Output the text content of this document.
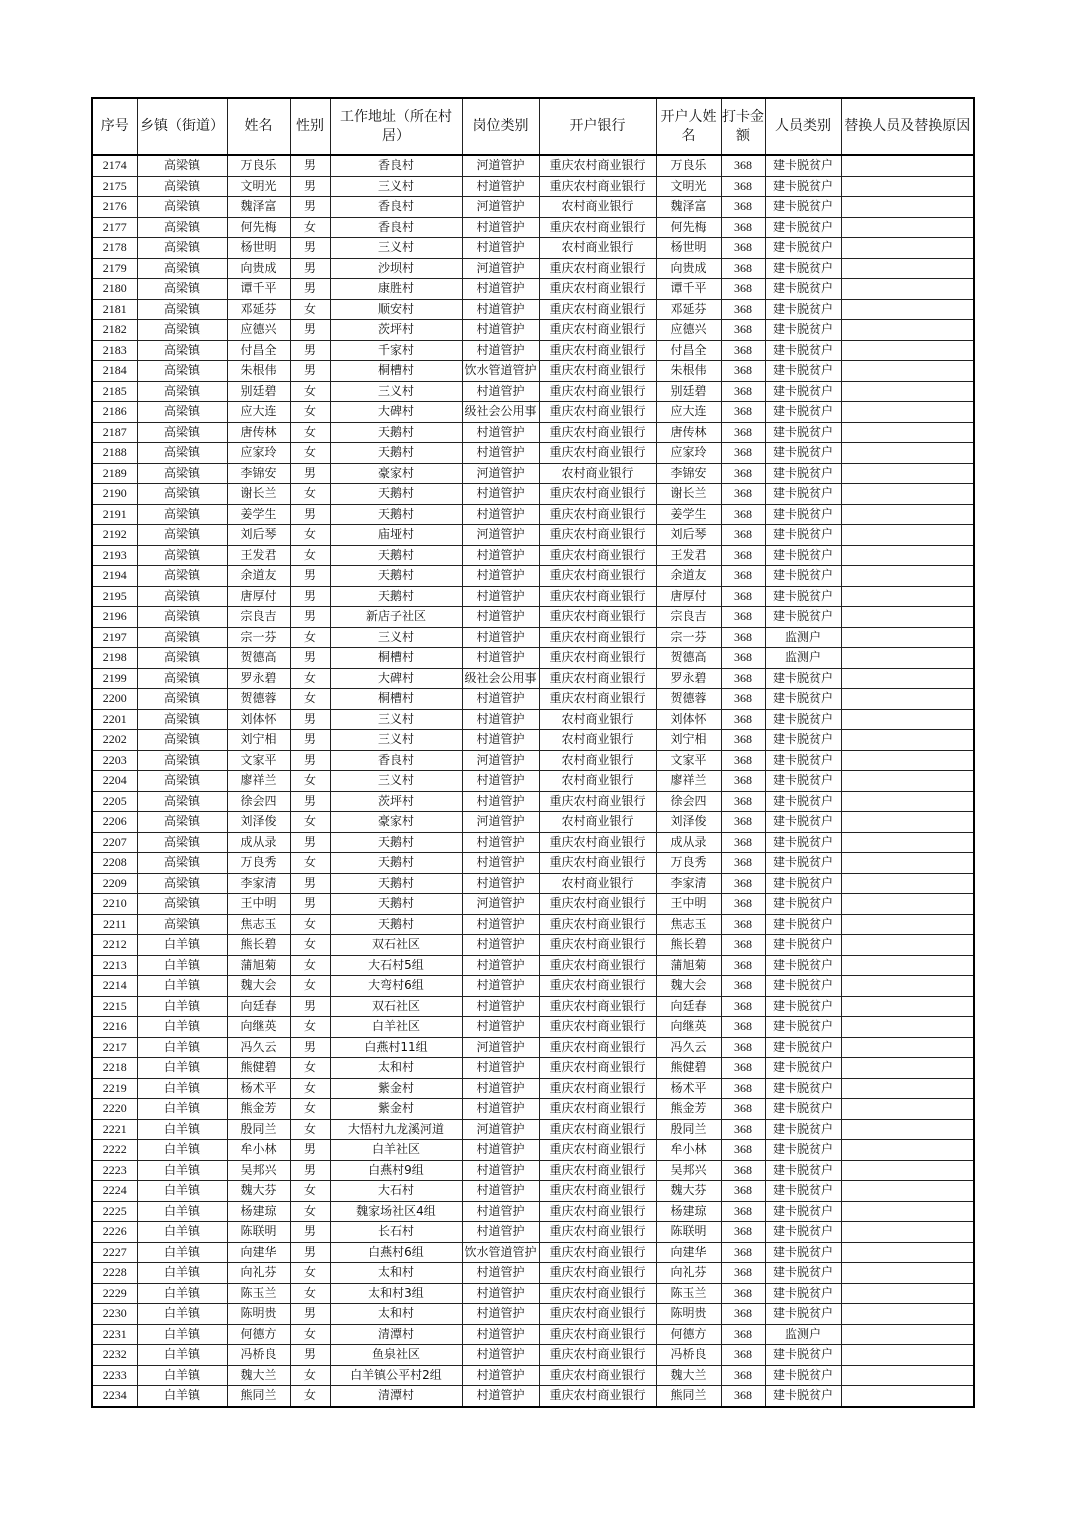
序号	乡镇（街道）	姓名	性别	工作地址（所在村居）	岗位类别	开户银行	开户人姓名	打卡金额	人员类别	替换人员及替换原因
2174	高梁镇	万良乐	男	香良村	河道管护	重庆农村商业银行	万良乐	368	建卡脱贫户	
2175	高梁镇	文明光	男	三义村	村道管护	重庆农村商业银行	文明光	368	建卡脱贫户	
2176	高梁镇	魏泽富	男	香良村	河道管护	农村商业银行	魏泽富	368	建卡脱贫户	
2177	高梁镇	何先梅	女	香良村	村道管护	重庆农村商业银行	何先梅	368	建卡脱贫户	
2178	高梁镇	杨世明	男	三义村	村道管护	农村商业银行	杨世明	368	建卡脱贫户	
2179	高梁镇	向贵成	男	沙坝村	河道管护	重庆农村商业银行	向贵成	368	建卡脱贫户	
2180	高梁镇	谭千平	男	康胜村	村道管护	重庆农村商业银行	谭千平	368	建卡脱贫户	
2181	高梁镇	邓延芬	女	顺安村	村道管护	重庆农村商业银行	邓延芬	368	建卡脱贫户	
2182	高梁镇	应德兴	男	茨坪村	村道管护	重庆农村商业银行	应德兴	368	建卡脱贫户	
2183	高梁镇	付昌全	男	千家村	村道管护	重庆农村商业银行	付昌全	368	建卡脱贫户	
2184	高梁镇	朱根伟	男	桐槽村	饮水管道管护	重庆农村商业银行	朱根伟	368	建卡脱贫户	
2185	高梁镇	别廷碧	女	三义村	村道管护	重庆农村商业银行	别廷碧	368	建卡脱贫户	
2186	高梁镇	应大连	女	大碑村	级社会公用事	重庆农村商业银行	应大连	368	建卡脱贫户	
2187	高梁镇	唐传林	女	天鹅村	村道管护	重庆农村商业银行	唐传林	368	建卡脱贫户	
2188	高梁镇	应家玲	女	天鹅村	村道管护	重庆农村商业银行	应家玲	368	建卡脱贫户	
2189	高梁镇	李锦安	男	豪家村	河道管护	农村商业银行	李锦安	368	建卡脱贫户	
2190	高梁镇	谢长兰	女	天鹅村	村道管护	重庆农村商业银行	谢长兰	368	建卡脱贫户	
2191	高梁镇	姜学生	男	天鹅村	村道管护	重庆农村商业银行	姜学生	368	建卡脱贫户	
2192	高梁镇	刘后琴	女	庙垭村	河道管护	重庆农村商业银行	刘后琴	368	建卡脱贫户	
2193	高梁镇	王发君	女	天鹅村	村道管护	重庆农村商业银行	王发君	368	建卡脱贫户	
2194	高梁镇	余道友	男	天鹅村	村道管护	重庆农村商业银行	余道友	368	建卡脱贫户	
2195	高梁镇	唐厚付	男	天鹅村	村道管护	重庆农村商业银行	唐厚付	368	建卡脱贫户	
2196	高梁镇	宗良吉	男	新店子社区	村道管护	重庆农村商业银行	宗良吉	368	建卡脱贫户	
2197	高梁镇	宗一芬	女	三义村	村道管护	重庆农村商业银行	宗一芬	368	监测户	
2198	高梁镇	贺德高	男	桐槽村	村道管护	重庆农村商业银行	贺德高	368	监测户	
2199	高梁镇	罗永碧	女	大碑村	级社会公用事	重庆农村商业银行	罗永碧	368	建卡脱贫户	
2200	高梁镇	贺德蓉	女	桐槽村	村道管护	重庆农村商业银行	贺德蓉	368	建卡脱贫户	
2201	高梁镇	刘体怀	男	三义村	村道管护	农村商业银行	刘体怀	368	建卡脱贫户	
2202	高梁镇	刘宁相	男	三义村	村道管护	农村商业银行	刘宁相	368	建卡脱贫户	
2203	高梁镇	文家平	男	香良村	河道管护	农村商业银行	文家平	368	建卡脱贫户	
2204	高梁镇	廖祥兰	女	三义村	村道管护	农村商业银行	廖祥兰	368	建卡脱贫户	
2205	高梁镇	徐会四	男	茨坪村	村道管护	重庆农村商业银行	徐会四	368	建卡脱贫户	
2206	高梁镇	刘泽俊	女	豪家村	河道管护	农村商业银行	刘泽俊	368	建卡脱贫户	
2207	高梁镇	成从录	男	天鹅村	村道管护	重庆农村商业银行	成从录	368	建卡脱贫户	
2208	高梁镇	万良秀	女	天鹅村	村道管护	重庆农村商业银行	万良秀	368	建卡脱贫户	
2209	高梁镇	李家清	男	天鹅村	村道管护	农村商业银行	李家清	368	建卡脱贫户	
2210	高梁镇	王中明	男	天鹅村	河道管护	重庆农村商业银行	王中明	368	建卡脱贫户	
2211	高梁镇	焦志玉	女	天鹅村	村道管护	重庆农村商业银行	焦志玉	368	建卡脱贫户	
2212	白羊镇	熊长碧	女	双石社区	村道管护	重庆农村商业银行	熊长碧	368	建卡脱贫户	
2213	白羊镇	蒲旭菊	女	大石村5组	村道管护	重庆农村商业银行	蒲旭菊	368	建卡脱贫户	
2214	白羊镇	魏大会	女	大弯村6组	村道管护	重庆农村商业银行	魏大会	368	建卡脱贫户	
2215	白羊镇	向廷春	男	双石社区	村道管护	重庆农村商业银行	向廷春	368	建卡脱贫户	
2216	白羊镇	向继英	女	白羊社区	村道管护	重庆农村商业银行	向继英	368	建卡脱贫户	
2217	白羊镇	冯久云	男	白燕村11组	河道管护	重庆农村商业银行	冯久云	368	建卡脱贫户	
2218	白羊镇	熊健碧	女	太和村	村道管护	重庆农村商业银行	熊健碧	368	建卡脱贫户	
2219	白羊镇	杨术平	女	紫金村	村道管护	重庆农村商业银行	杨术平	368	建卡脱贫户	
2220	白羊镇	熊金芳	女	紫金村	村道管护	重庆农村商业银行	熊金芳	368	建卡脱贫户	
2221	白羊镇	殷同兰	女	大悟村九龙溪河道	河道管护	重庆农村商业银行	殷同兰	368	建卡脱贫户	
2222	白羊镇	牟小林	男	白羊社区	村道管护	重庆农村商业银行	牟小林	368	建卡脱贫户	
2223	白羊镇	吴邦兴	男	白燕村9组	村道管护	重庆农村商业银行	吴邦兴	368	建卡脱贫户	
2224	白羊镇	魏大芬	女	大石村	村道管护	重庆农村商业银行	魏大芬	368	建卡脱贫户	
2225	白羊镇	杨建琼	女	魏家场社区4组	村道管护	重庆农村商业银行	杨建琼	368	建卡脱贫户	
2226	白羊镇	陈联明	男	长石村	村道管护	重庆农村商业银行	陈联明	368	建卡脱贫户	
2227	白羊镇	向建华	男	白燕村6组	饮水管道管护	重庆农村商业银行	向建华	368	建卡脱贫户	
2228	白羊镇	向礼芬	女	太和村	村道管护	重庆农村商业银行	向礼芬	368	建卡脱贫户	
2229	白羊镇	陈玉兰	女	太和村3组	村道管护	重庆农村商业银行	陈玉兰	368	建卡脱贫户	
2230	白羊镇	陈明贵	男	太和村	村道管护	重庆农村商业银行	陈明贵	368	建卡脱贫户	
2231	白羊镇	何德方	女	清潭村	村道管护	重庆农村商业银行	何德方	368	监测户	
2232	白羊镇	冯桥良	男	鱼泉社区	村道管护	重庆农村商业银行	冯桥良	368	建卡脱贫户	
2233	白羊镇	魏大兰	女	白羊镇公平村2组	村道管护	重庆农村商业银行	魏大兰	368	建卡脱贫户	
2234	白羊镇	熊同兰	女	清潭村	村道管护	重庆农村商业银行	熊同兰	368	建卡脱贫户	
